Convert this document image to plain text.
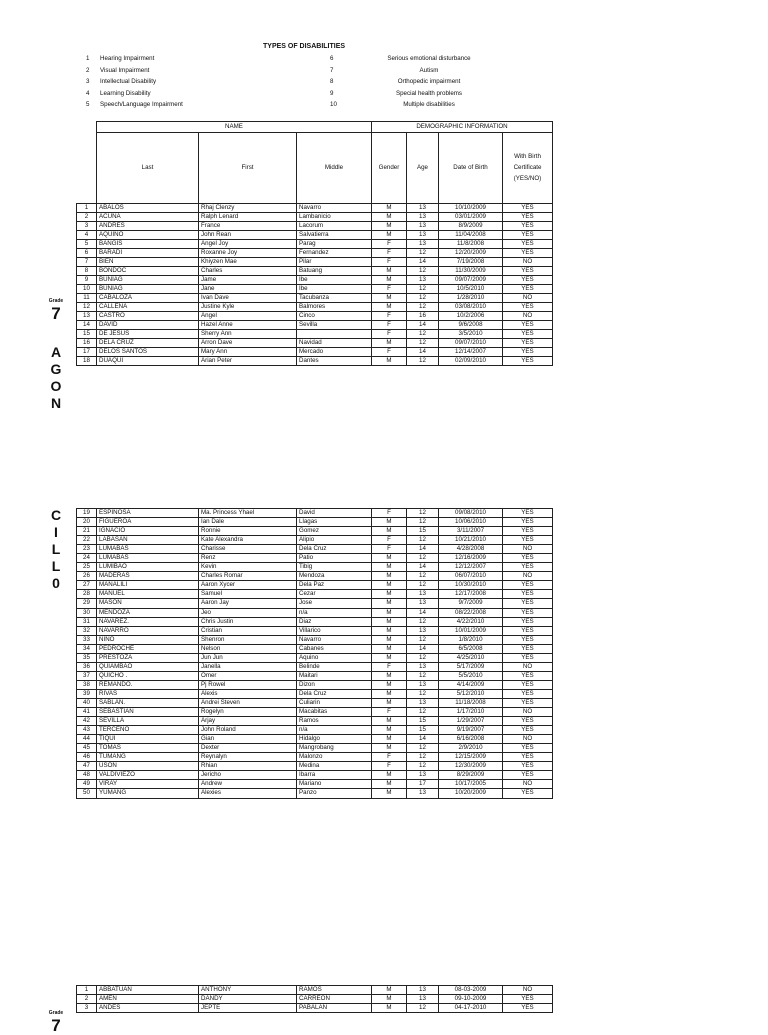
TYPES OF DISABILITIES
1 Hearing Impairment
2 Visual Impairment
3 Intellectual Disability
4 Learning Disability
5 Speech/Language Impairment
6	Serious emotional disturbance
7	Autism
8	Orthopedic impairment
9	Special health problems
10	Multiple disabilities
	NAME			DEMOGRAPHIC INFORMATION			
	Last	First	Middle	Gender	Age	Date of Birth	With Birth
Certificate
(YES/NO)
1	ABALOS	Rhaj Clenzy	Navarro	M	13	10/10/2009	YES
2	ACUÑA	Ralph Lenard	Lambanicio	M	13	03/01/2009	YES
3	ANDRES	France	Lacorum	M	13	8/9/2009	YES
4	AQUINO	John Rean	Salvatierra	M	13	11/04/2008	YES
5	BANGIS	Angel Joy	Parag	F	13	11/8/2008	YES
6	BARADI	Roxanne Joy	Fernandez	F	12	12/20/2009	YES
7	BIEN	Khiyzen Mae	Pilar	F	14	7/19/2008	NO
8	BONDOC	Charles	Batuang	M	12	11/30/2009	YES
9	BUNIAG	Jame	Ibe	M	13	09/07/2009	YES
10	BUNIAG	Jane	Ibe	F	12	10/5/2010	YES
11	CABALOZA	Ivan Dave	Tacubanza	M	12	1/28/2010	NO
12	CALLENA	Justine Kyle	Balmores	M	12	03/08/2010	YES
13	CASTRO	Angel	Cinco	F	16	10/2/2006	NO
14	DAVID	Hazel Anne	Sevilla	F	14	9/6/2008	YES
15	DE JESUS	Sherry Ann		F	12	3/5/2010	YES
16	DELA CRUZ	Arron Dave	Navidad	M	12	09/07/2010	YES
17	DELOS SANTOS	Mary Ann	Mercado	F	14	12/14/2007	YES
18	DUAQUI	Arian Peter	Dantes	M	12	02/09/2010	YES
19	ESPINOSA	Ma. Princess Yhael	David	F	12	09/08/2010	YES
20	FIGUEROA	Ian Dale	Llagas	M	12	10/06/2010	YES
21	IGNACIO	Ronnie	Gomez	M	15	3/11/2007	YES
22	LABASAN	Kate Alexandra	Alipio	F	12	10/21/2010	YES
23	LUMABAS	Charisse	Dela Cruz	F	14	4/28/2008	NO
24	LUMABAS	Renz	Patio	M	12	12/16/2009	YES
25	LUMIBAO	Kevin	Tibig	M	14	12/12/2007	YES
26	MADERAS	Charles Romar	Mendoza	M	12	06/07/2010	NO
27	MANALILI	Aaron Xycer	Dela Paz	M	12	10/30/2010	YES
28	MANUEL	Samuel	Cezar	M	13	12/17/2008	YES
29	MASON	Aaron Jay	Jose	M	13	9/7/2009	YES
30	MENDOZA	Jeo	n/a	M	14	08/22/2008	YES
31	NAVAREZ.	Chris Justin	Diaz	M	12	4/22/2010	YES
32	NAVARRO	Cristian	Villarico	M	13	10/01/2009	YES
33	NIÑO	Shenron	Navarro	M	12	1/8/2010	YES
34	PEDROCHE	Nelson	Cabanes	M	14	6/5/2008	YES
35	PRESTOZA	Jun Jun	Aquino	M	12	4/25/2010	YES
36	QUIAMBAO	Janella	Belinde	F	13	5/17/2009	NO
37	QUICHO .	Omer	Maitari	M	12	5/5/2010	YES
38	REMANDO.	Pj Rowel	Dizon	M	13	4/14/2009	YES
39	RIVAS	Alexis	Dela Cruz	M	12	5/12/2010	YES
40	SABLAN.	Andrei Steven	Culiarin	M	13	11/18/2008	YES
41	SEBASTIAN	Rogelyn	Macabitas	F	12	1/17/2010	NO
42	SEVILLA	Arjay	Ramos	M	15	1/29/2007	YES
43	TERCEÑO	John Roland	n/a	M	15	9/19/2007	YES
44	TIQUI	Gian	Hidalgo	M	14	6/16/2008	NO
45	TOMAS	Dexter	Mangrobang	M	12	2/9/2010	YES
46	TUMANG	Reynalyn	Malonzo	F	12	12/15/2009	YES
47	USON	Rhian	Medina	F	12	12/30/2009	YES
48	VALDIVIEZO	Jericho	Ibarra	M	13	8/29/2009	YES
49	VIRAY	Andrew	Mariano	M	17	10/17/2005	NO
50	YUMANG	Alexies	Panzo	M	13	10/20/2009	YES
1	ABBATUAN	ANTHONY	RAMOS	M	13	08-03-2009	NO
2	AMEN	DANDY	CARREON	M	13	09-10-2009	YES
3	ANDES	JEPTE	PABALAN	M	12	04-17-2010	YES
Grade
7
A
G
O
N
C
I
L
L
0
Grade
7
